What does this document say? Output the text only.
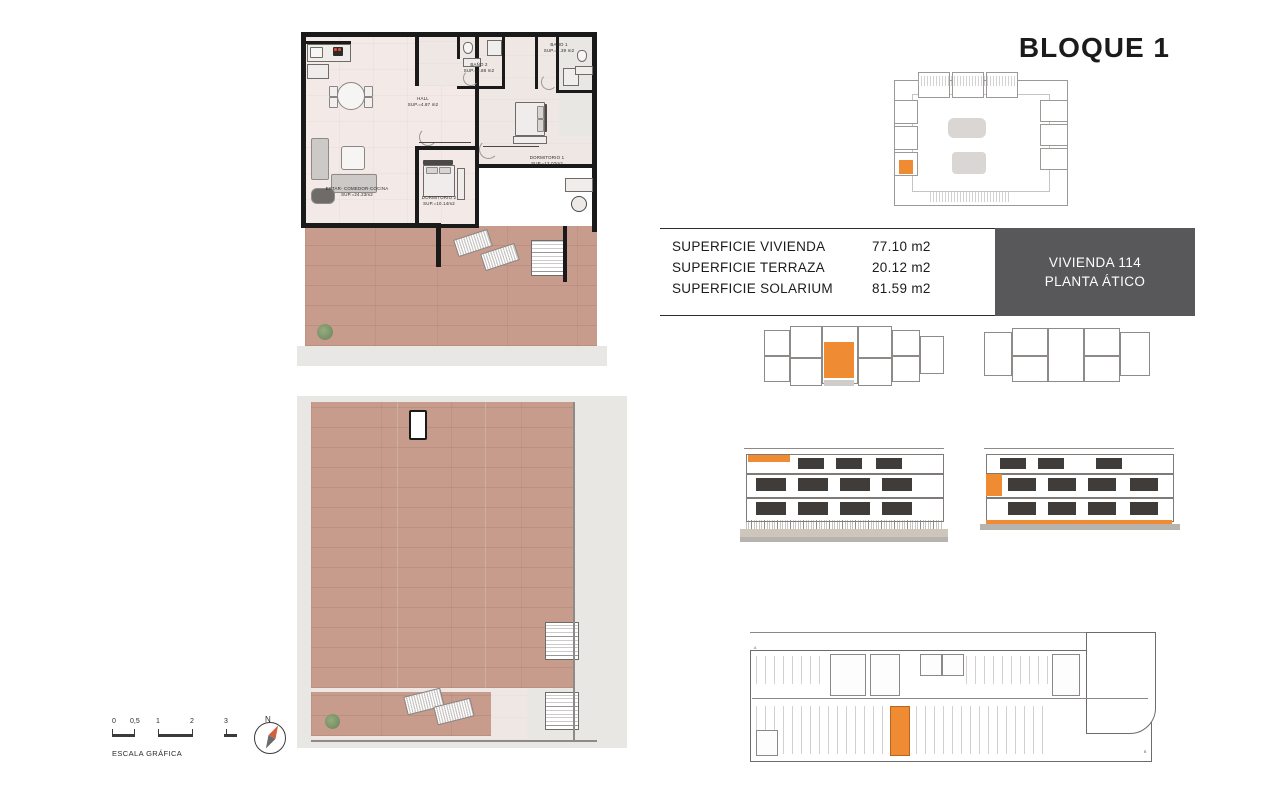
HALL
SUP.=4.87 m2
BAÑO 2
SUP.=3.88 m2
BAÑO 1
SUP.=4.39 m2
DORMITORIO 1
SUP.=12.02m2
DORMITORIO 2
SUP.=10.14m2
ESTAR- COMEDOR-COCINA
SUP.=24.23m2
0 0,5 1	2	3
ESCALA GRÁFICA
N
BLOQUE 1
SUPERFICIE VIVIENDA	77.10 m2
SUPERFICIE TERRAZA	20.12 m2
SUPERFICIE SOLARIUM	81.59 m2
VIVIENDA 114
PLANTA ÁTICO
A
B
